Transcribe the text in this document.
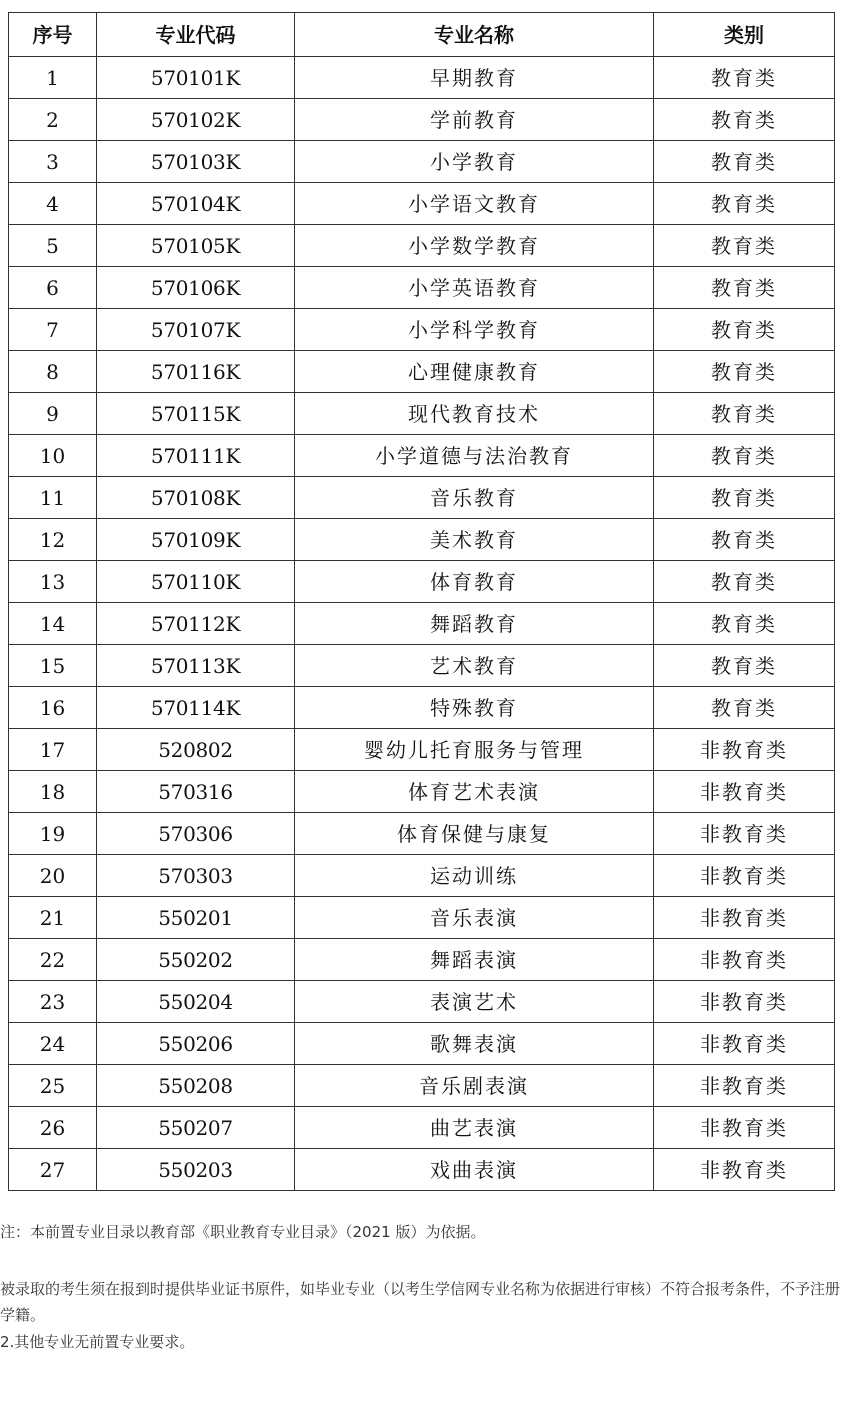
序号	专业代码	专业名称	类别
1	570101K	早期教育	教育类
2	570102K	学前教育	教育类
3	570103K	小学教育	教育类
4	570104K	小学语文教育	教育类
5	570105K	小学数学教育	教育类
6	570106K	小学英语教育	教育类
7	570107K	小学科学教育	教育类
8	570116K	心理健康教育	教育类
9	570115K	现代教育技术	教育类
10	570111K	小学道德与法治教育	教育类
11	570108K	音乐教育	教育类
12	570109K	美术教育	教育类
13	570110K	体育教育	教育类
14	570112K	舞蹈教育	教育类
15	570113K	艺术教育	教育类
16	570114K	特殊教育	教育类
17	520802	婴幼儿托育服务与管理	非教育类
18	570316	体育艺术表演	非教育类
19	570306	体育保健与康复	非教育类
20	570303	运动训练	非教育类
21	550201	音乐表演	非教育类
22	550202	舞蹈表演	非教育类
23	550204	表演艺术	非教育类
24	550206	歌舞表演	非教育类
25	550208	音乐剧表演	非教育类
26	550207	曲艺表演	非教育类
27	550203	戏曲表演	非教育类

注：本前置专业目录以教育部《职业教育专业目录》（2021 版）为依据。

被录取的考生须在报到时提供毕业证书原件，如毕业专业（以考生学信网专业名称为依据进行审核）不符合报考条件，不予注册学籍。

2.其他专业无前置专业要求。
